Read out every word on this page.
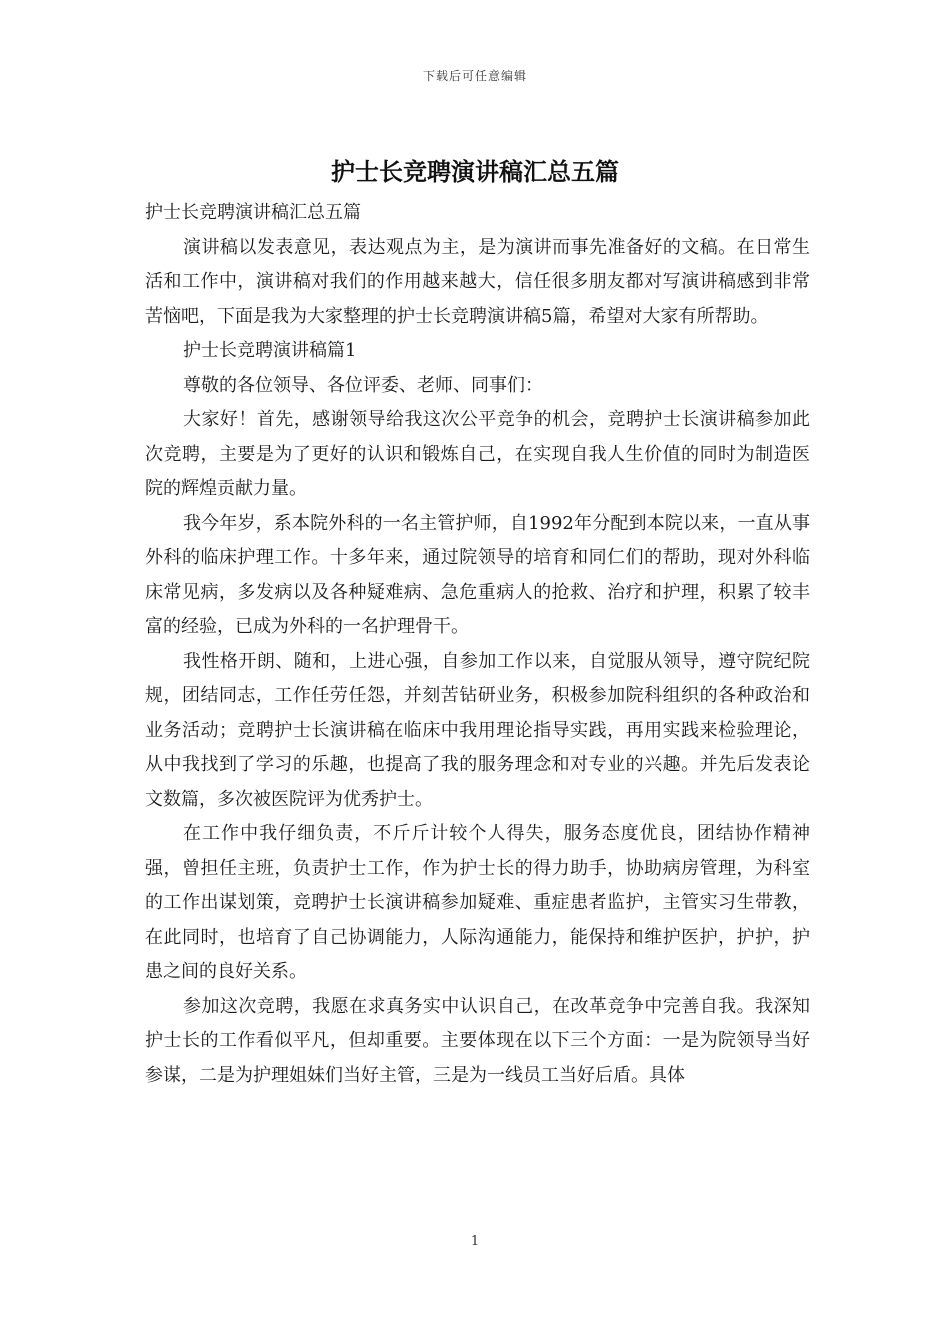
下载后可任意编辑
护士长竞聘演讲稿汇总五篇

护士长竞聘演讲稿汇总五篇

演讲稿以发表意见，表达观点为主，是为演讲而事先准备好的文稿。在日常生活和工作中，演讲稿对我们的作用越来越大，信任很多朋友都对写演讲稿感到非常苦恼吧，下面是我为大家整理的护士长竞聘演讲稿5篇，希望对大家有所帮助。

护士长竞聘演讲稿篇1

尊敬的各位领导、各位评委、老师、同事们：

大家好！首先，感谢领导给我这次公平竞争的机会，竞聘护士长演讲稿参加此次竞聘，主要是为了更好的认识和锻炼自己，在实现自我人生价值的同时为制造医院的辉煌贡献力量。

我今年岁，系本院外科的一名主管护师，自1992年分配到本院以来，一直从事外科的临床护理工作。十多年来，通过院领导的培育和同仁们的帮助，现对外科临床常见病，多发病以及各种疑难病、急危重病人的抢救、治疗和护理，积累了较丰富的经验，已成为外科的一名护理骨干。

我性格开朗、随和，上进心强，自参加工作以来，自觉服从领导，遵守院纪院规，团结同志，工作任劳任怨，并刻苦钻研业务，积极参加院科组织的各种政治和业务活动；竞聘护士长演讲稿在临床中我用理论指导实践，再用实践来检验理论，从中我找到了学习的乐趣，也提高了我的服务理念和对专业的兴趣。并先后发表论文数篇，多次被医院评为优秀护士。

在工作中我仔细负责，不斤斤计较个人得失，服务态度优良，团结协作精神强，曾担任主班，负责护士工作，作为护士长的得力助手，协助病房管理，为科室的工作出谋划策，竞聘护士长演讲稿参加疑难、重症患者监护，主管实习生带教，在此同时，也培育了自己协调能力，人际沟通能力，能保持和维护医护，护护，护患之间的良好关系。

参加这次竞聘，我愿在求真务实中认识自己，在改革竞争中完善自我。我深知护士长的工作看似平凡，但却重要。主要体现在以下三个方面：一是为院领导当好参谋，二是为护理姐妹们当好主管，三是为一线员工当好后盾。具体

1
